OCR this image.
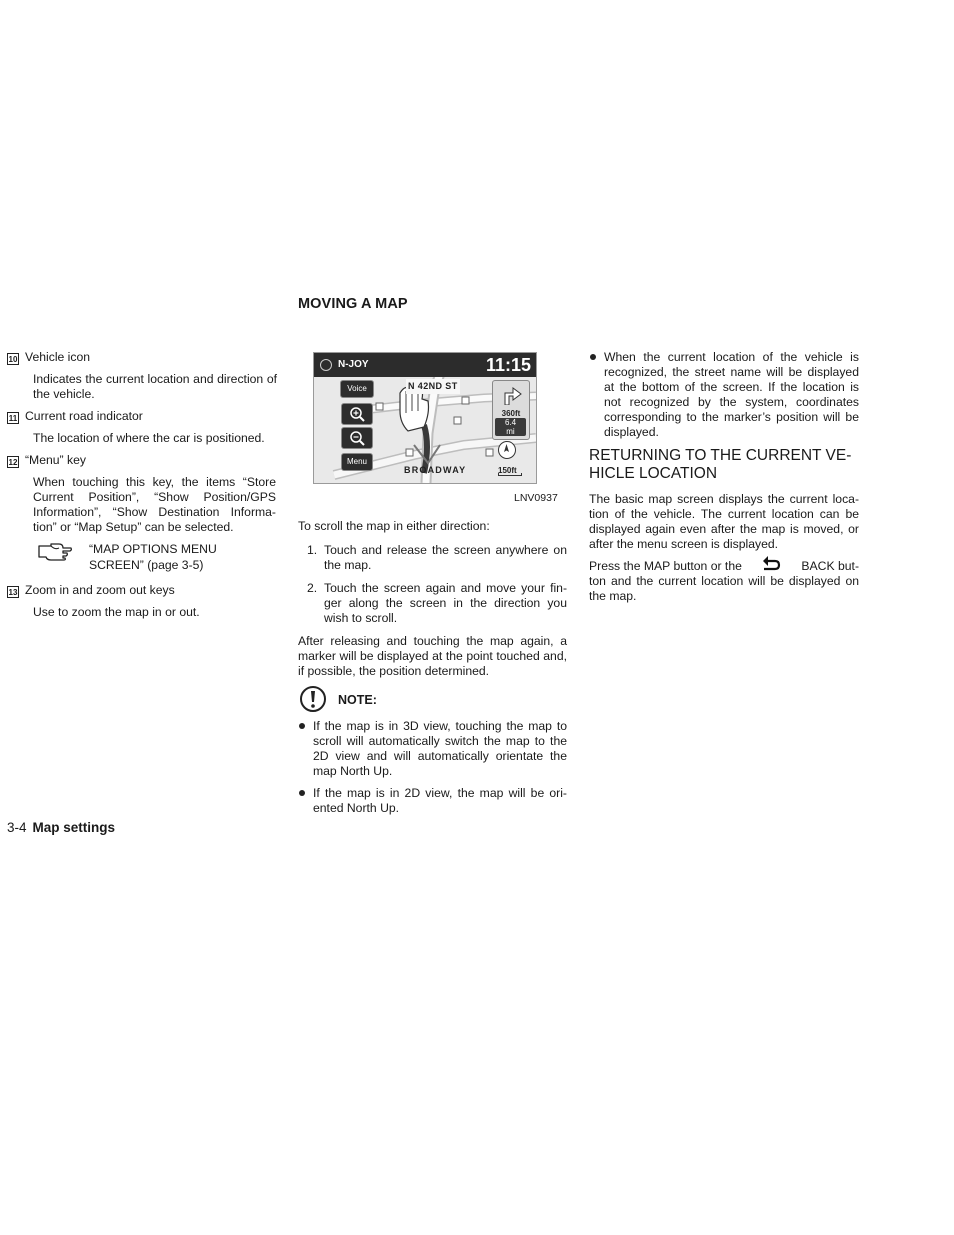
MOVING A MAP

10 Vehicle icon

Indicates the current location and direction of the vehicle.

11 Current road indicator

The location of where the car is positioned.

12 “Menu” key

When touching this key, the items “Store Current Position”, “Show Position/GPS Information”, “Show Destination Informa-tion” or “Map Setup” can be selected.

“MAP OPTIONS MENU

SCREEN” (page 3-5)

13 Zoom in and zoom out keys

Use to zoom the map in or out.

N-JOY	11:15
N 42ND ST
Voice
Menu
BROADWAY
360ft
6.4
mi
150ft
LNV0937

To scroll the map in either direction:

1. Touch and release the screen anywhere on the map.

2. Touch the screen again and move your fin-ger along the screen in the direction you wish to scroll.

After releasing and touching the map again, a marker will be displayed at the point touched and, if possible, the position determined.

NOTE:

If the map is in 3D view, touching the map to scroll will automatically switch the map to the 2D view and will automatically orientate the map North Up.

If the map is in 2D view, the map will be ori-ented North Up.

When the current location of the vehicle is recognized, the street name will be displayed at the bottom of the screen. If the location is not recognized by the system, coordinates corresponding to the marker’s position will be displayed.

RETURNING TO THE CURRENT VE-
HICLE LOCATION

The basic map screen displays the current loca-tion of the vehicle. The current location can be displayed again even after the map is moved, or after the menu screen is displayed.

Press the MAP button or the	BACK but-

ton and the current location will be displayed on the map.

3-4 Map settings
